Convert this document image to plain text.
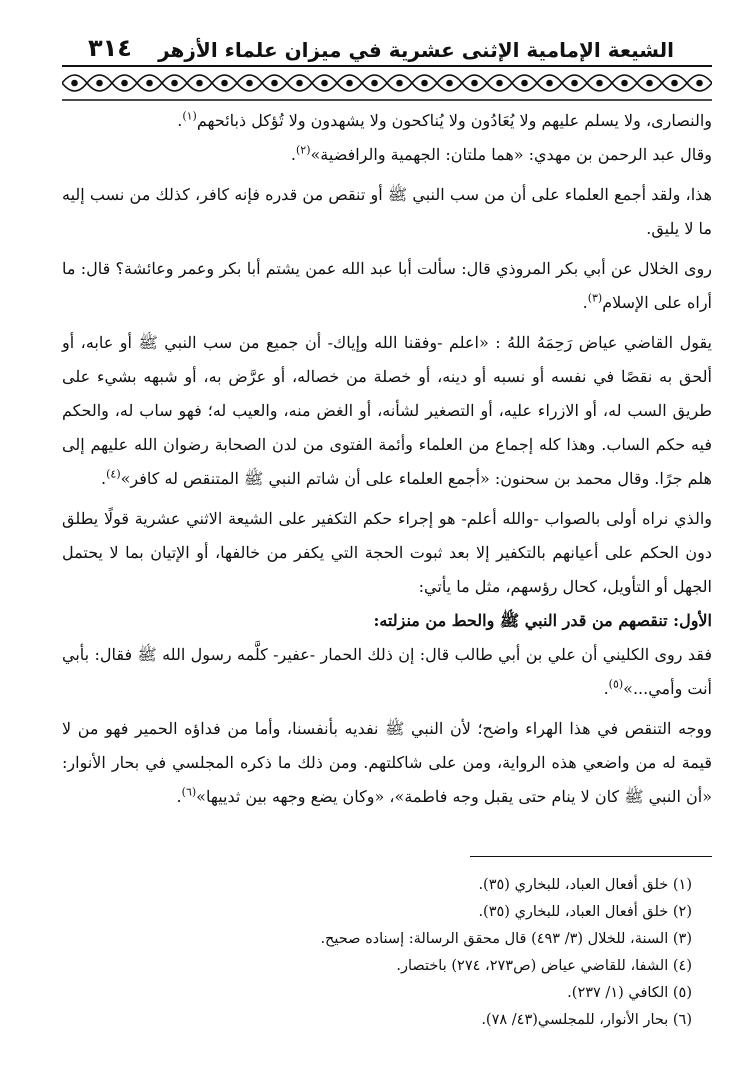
الشيعة الإمامية الإثنى عشرية في ميزان علماء الأزهر
٣١٤

والنصارى، ولا يسلم عليهم ولا يُعَادُون ولا يُناكحون ولا يشهدون ولا تُؤكل ذبائحهم$^{(١)}$.

وقال عبد الرحمن بن مهدي: «هما ملتان: الجهمية والرافضية»$^{(٢)}$.

هذا، ولقد أجمع العلماء على أن من سب النبي ﷺ أو تنقص من قدره فإنه كافر، كذلك من نسب إليه ما لا يليق.

روى الخلال عن أبي بكر المروذي قال: سألت أبا عبد الله عمن يشتم أبا بكر وعمر وعائشة؟ قال: ما أراه على الإسلام$^{(٣)}$.

يقول القاضي عياض رَحِمَهُ اللهُ : «اعلم -وفقنا الله وإياك- أن جميع من سب النبي ﷺ أو عابه، أو ألحق به نقصًا في نفسه أو نسبه أو دينه، أو خصلة من خصاله، أو عرَّض به، أو شبهه بشيء على طريق السب له، أو الازراء عليه، أو التصغير لشأنه، أو الغض منه، والعيب له؛ فهو ساب له، والحكم فيه حكم الساب. وهذا كله إجماع من العلماء وأئمة الفتوى من لدن الصحابة رضوان الله عليهم إلى هلم جرًا. وقال محمد بن سحنون: «أجمع العلماء على أن شاتم النبي ﷺ المتنقص له كافر»$^{(٤)}$.

والذي نراه أولى بالصواب -والله أعلم- هو إجراء حكم التكفير على الشيعة الاثني عشرية قولًا يطلق دون الحكم على أعيانهم بالتكفير إلا بعد ثبوت الحجة التي يكفر من خالفها، أو الإتيان بما لا يحتمل الجهل أو التأويل، كحال رؤسهم، مثل ما يأتي:

الأول: تنقصهم من قدر النبي ﷺ والحط من منزلته:

فقد روى الكليني أن علي بن أبي طالب قال: إن ذلك الحمار -عفير- كلَّمه رسول الله ﷺ فقال: بأبي أنت وأمي...»$^{(٥)}$.

ووجه التنقص في هذا الهراء واضح؛ لأن النبي ﷺ نفديه بأنفسنا، وأما من فداؤه الحمير فهو من لا قيمة له من واضعي هذه الرواية، ومن على شاكلتهم. ومن ذلك ما ذكره المجلسي في بحار الأنوار: «أن النبي ﷺ كان لا ينام حتى يقبل وجه فاطمة»، «وكان يضع وجهه بين ثدييها»$^{(٦)}$.

(١) خلق أفعال العباد، للبخاري (٣٥).
(٢) خلق أفعال العباد، للبخاري (٣٥).
(٣) السنة، للخلال (٣/ ٤٩٣) قال محقق الرسالة: إسناده صحيح.
(٤) الشفا، للقاضي عياض (ص٢٧٣، ٢٧٤) باختصار.
(٥) الكافي (١/ ٢٣٧).
(٦) بحار الأنوار، للمجلسي(٤٣/ ٧٨).
